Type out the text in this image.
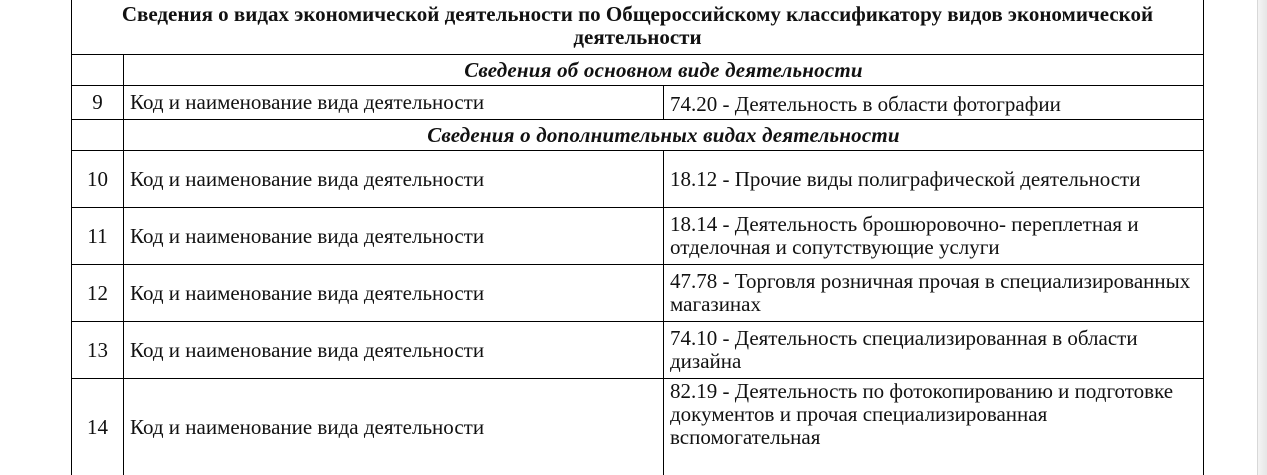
Сведения о видах экономической деятельности по Общероссийскому классификатору видов экономической деятельности		
	Сведения об основном виде деятельности	
9	Код и наименование вида деятельности	74.20 - Деятельность в области фотографии
	Сведения о дополнительных видах деятельности	
10	Код и наименование вида деятельности	18.12 - Прочие виды полиграфической деятельности
11	Код и наименование вида деятельности	18.14 - Деятельность брошюровочно- переплетная и отделочная и сопутствующие услуги
12	Код и наименование вида деятельности	47.78 - Торговля розничная прочая в специализированных магазинах
13	Код и наименование вида деятельности	74.10 - Деятельность специализированная в области дизайна
14	Код и наименование вида деятельности	82.19 - Деятельность по фотокопированию и подготовке документов и прочая специализированная вспомогательная
